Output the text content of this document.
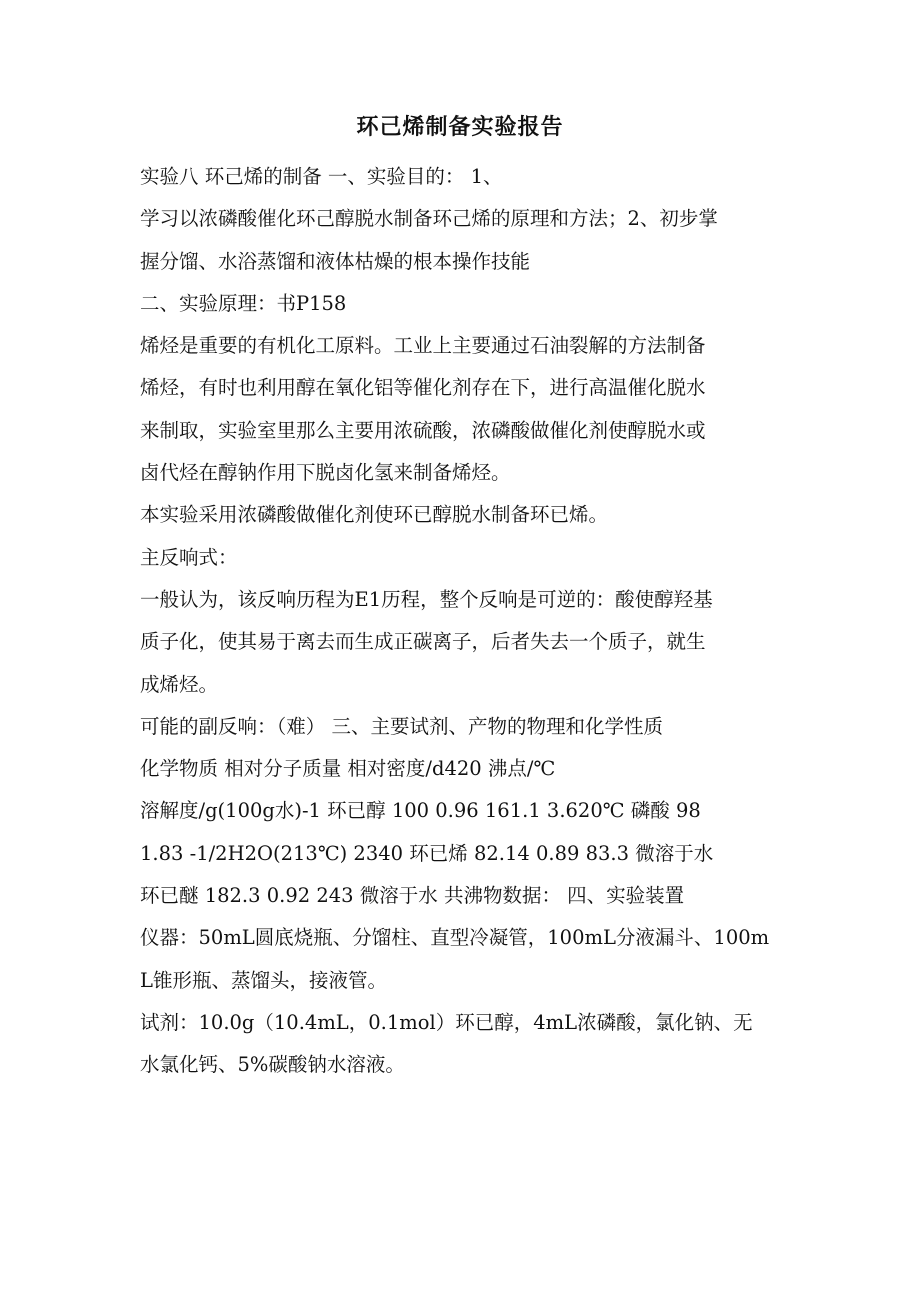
环己烯制备实验报告
实验八 环己烯的制备 一、实验目的： 1、
学习以浓磷酸催化环己醇脱水制备环己烯的原理和方法；2、初步掌
握分馏、水浴蒸馏和液体枯燥的根本操作技能
二、实验原理：书P158
烯烃是重要的有机化工原料。工业上主要通过石油裂解的方法制备
烯烃，有时也利用醇在氧化铝等催化剂存在下，进行高温催化脱水
来制取，实验室里那么主要用浓硫酸，浓磷酸做催化剂使醇脱水或
卤代烃在醇钠作用下脱卤化氢来制备烯烃。
本实验采用浓磷酸做催化剂使环已醇脱水制备环已烯。
主反响式：
一般认为，该反响历程为E1历程，整个反响是可逆的：酸使醇羟基
质子化，使其易于离去而生成正碳离子，后者失去一个质子，就生
成烯烃。
可能的副反响：（难） 三、主要试剂、产物的物理和化学性质
化学物质 相对分子质量 相对密度/d420 沸点/℃
溶解度/g(100g水)-1 环已醇 100 0.96 161.1 3.620℃ 磷酸 98
1.83 -1/2H2O(213℃) 2340 环已烯 82.14 0.89 83.3 微溶于水
环已醚 182.3 0.92 243 微溶于水 共沸物数据： 四、实验装置
仪器：50mL圆底烧瓶、分馏柱、直型冷凝管，100mL分液漏斗、100m
L锥形瓶、蒸馏头，接液管。
试剂：10.0g（10.4mL，0.1mol）环已醇，4mL浓磷酸，氯化钠、无
水氯化钙、5%碳酸钠水溶液。
